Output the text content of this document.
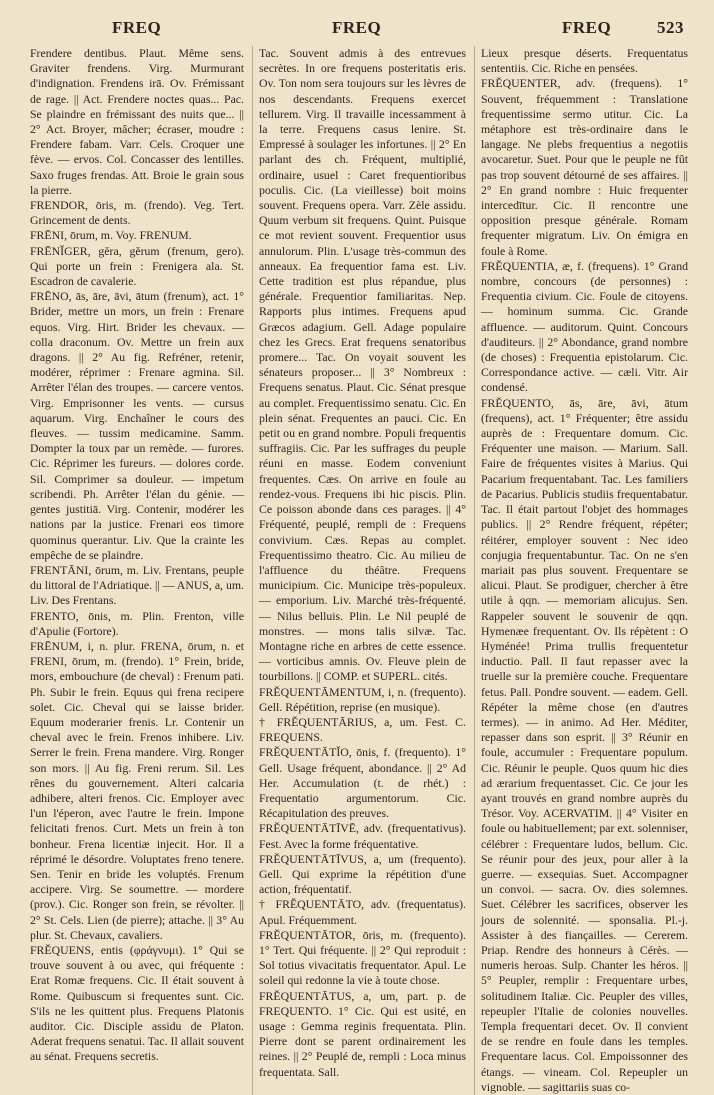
FREQ	FREQ	FREQ	523

Frendere dentibus. Plaut. Même sens. Graviter frendens. Virg. Murmurant d'indignation. Frendens irā. Ov. Frémissant de rage. || Act. Frendere noctes quas... Pac. Se plaindre en frémissant des nuits que... || 2° Act. Broyer, mâcher; écraser, moudre : Frendere fabam. Varr. Cels. Croquer une fève. — ervos. Col. Concasser des lentilles. Saxo fruges frendas. Att. Broie le grain sous la pierre.

FRENDOR, ōris, m. (frendo). Veg. Tert. Grincement de dents.

FRĒNI, ōrum, m. Voy. FRENUM.

FRĒNĬGER, gĕra, gĕrum (frenum, gero). Qui porte un frein : Frenigera ala. St. Escadron de cavalerie.

FRĒNO, ās, āre, āvi, ātum (frenum), act. 1° Brider, mettre un mors, un frein : Frenare equos. Virg. Hirt. Brider les chevaux. — colla draconum. Ov. Mettre un frein aux dragons. || 2° Au fig. Refréner, retenir, modérer, réprimer : Frenare agmina. Sil. Arrêter l'élan des troupes. — carcere ventos. Virg. Emprisonner les vents. — cursus aquarum. Virg. Enchaîner le cours des fleuves. — tussim medicamine. Samm. Dompter la toux par un remède. — furores. Cic. Réprimer les fureurs. — dolores corde. Sil. Comprimer sa douleur. — impetum scribendi. Ph. Arrêter l'élan du génie. — gentes justitiā. Virg. Contenir, modérer les nations par la justice. Frenari eos timore quominus querantur. Liv. Que la crainte les empêche de se plaindre.

FRENTĀNI, ōrum, m. Liv. Frentans, peuple du littoral de l'Adriatique. || — ANUS, a, um. Liv. Des Frentans.

FRENTO, ōnis, m. Plin. Frenton, ville d'Apulie (Fortore).

FRĒNUM, i, n. plur. FRENA, ōrum, n. et FRENI, ōrum, m. (frendo). 1° Frein, bride, mors, embouchure (de cheval) : Frenum pati. Ph. Subir le frein. Equus qui frena recipere solet. Cic. Cheval qui se laisse brider. Equum moderarier frenis. Lr. Contenir un cheval avec le frein. Frenos inhibere. Liv. Serrer le frein. Frena mandere. Virg. Ronger son mors. || Au fig. Freni rerum. Sil. Les rênes du gouvernement. Alteri calcaria adhibere, alteri frenos. Cic. Employer avec l'un l'éperon, avec l'autre le frein. Impone felicitati frenos. Curt. Mets un frein à ton bonheur. Frena licentiæ injecit. Hor. Il a réprimé le désordre. Voluptates freno tenere. Sen. Tenir en bride les voluptés. Frenum accipere. Virg. Se soumettre. — mordere (prov.). Cic. Ronger son frein, se révolter. || 2° St. Cels. Lien (de pierre); attache. || 3° Au plur. St. Chevaux, cavaliers.

FRĔQUENS, entis (φράγνυμι). 1° Qui se trouve souvent à ou avec, qui fréquente : Erat Romæ frequens. Cic. Il était souvent à Rome. Quibuscum si frequentes sunt. Cic. S'ils ne les quittent plus. Frequens Platonis auditor. Cic. Disciple assidu de Platon. Aderat frequens senatui. Tac. Il allait souvent au sénat. Frequens secretis.

Tac. Souvent admis à des entrevues secrètes. In ore frequens posteritatis eris. Ov. Ton nom sera toujours sur les lèvres de nos descendants. Frequens exercet tellurem. Virg. Il travaille incessamment à la terre. Frequens casus lenire. St. Empressé à soulager les infortunes. || 2° En parlant des ch. Fréquent, multiplié, ordinaire, usuel : Caret frequentioribus poculis. Cic. (La vieillesse) boit moins souvent. Frequens opera. Varr. Zèle assidu. Quum verbum sit frequens. Quint. Puisque ce mot revient souvent. Frequentior usus annulorum. Plin. L'usage très-commun des anneaux. Ea frequentior fama est. Liv. Cette tradition est plus répandue, plus générale. Frequentior familiaritas. Nep. Rapports plus intimes. Frequens apud Græcos adagium. Gell. Adage populaire chez les Grecs. Erat frequens senatoribus promere... Tac. On voyait souvent les sénateurs proposer... || 3° Nombreux : Frequens senatus. Plaut. Cic. Sénat presque au complet. Frequentissimo senatu. Cic. En plein sénat. Frequentes an pauci. Cic. En petit ou en grand nombre. Populi frequentis suffragiis. Cic. Par les suffrages du peuple réuni en masse. Eodem conveniunt frequentes. Cæs. On arrive en foule au rendez-vous. Frequens ibi hic piscis. Plin. Ce poisson abonde dans ces parages. || 4° Fréquenté, peuplé, rempli de : Frequens convivium. Cæs. Repas au complet. Frequentissimo theatro. Cic. Au milieu de l'affluence du théâtre. Frequens municipium. Cic. Municipe très-populeux. — emporium. Liv. Marché très-fréquenté. — Nilus belluis. Plin. Le Nil peuplé de monstres. — mons talis silvæ. Tac. Montagne riche en arbres de cette essence. — vorticibus amnis. Ov. Fleuve plein de tourbillons. || COMP. et SUPERL. cités.

FRĔQUENTĀMENTUM, i, n. (frequento). Gell. Répétition, reprise (en musique).

† FRĔQUENTĀRIUS, a, um. Fest. C. FREQUENS.

FRĔQUENTĀTĬO, ōnis, f. (frequento). 1° Gell. Usage fréquent, abondance. || 2° Ad Her. Accumulation (t. de rhét.) : Frequentatio argumentorum. Cic. Récapitulation des preuves.

FRĔQUENTĀTĪVĒ, adv. (frequentativus). Fest. Avec la forme fréquentative.

FRĔQUENTĀTĪVUS, a, um (frequento). Gell. Qui exprime la répétition d'une action, fréquentatif.

† FRĔQUENTĀTO, adv. (frequentatus). Apul. Fréquemment.

FRĔQUENTĀTOR, ōris, m. (frequento). 1° Tert. Qui fréquente. || 2° Qui reproduit : Sol totius vivacitatis frequentator. Apul. Le soleil qui redonne la vie à toute chose.

FRĔQUENTĀTUS, a, um, part. p. de FREQUENTO. 1° Cic. Qui est usité, en usage : Gemma reginis frequentata. Plin. Pierre dont se parent ordinairement les reines. || 2° Peuplé de, rempli : Loca minus frequentata. Sall.

Lieux presque déserts. Frequentatus sententiis. Cic. Riche en pensées.

FRĔQUENTER, adv. (frequens). 1° Souvent, fréquemment : Translatione frequentissime sermo utitur. Cic. La métaphore est très-ordinaire dans le langage. Ne plebs frequentius a negotiis avocaretur. Suet. Pour que le peuple ne fût pas trop souvent détourné de ses affaires. || 2° En grand nombre : Huic frequenter intercedītur. Cic. Il rencontre une opposition presque générale. Romam frequenter migratum. Liv. On émigra en foule à Rome.

FRĔQUENTIA, æ, f. (frequens). 1° Grand nombre, concours (de personnes) : Frequentia civium. Cic. Foule de citoyens. — hominum summa. Cic. Grande affluence. — auditorum. Quint. Concours d'auditeurs. || 2° Abondance, grand nombre (de choses) : Frequentia epistolarum. Cic. Correspondance active. — cæli. Vitr. Air condensé.

FRĔQUENTO, ās, āre, āvi, ātum (frequens), act. 1° Fréquenter; être assidu auprès de : Frequentare domum. Cic. Fréquenter une maison. — Marium. Sall. Faire de fréquentes visites à Marius. Qui Pacarium frequentabant. Tac. Les familiers de Pacarius. Publicis studiis frequentabatur. Tac. Il était partout l'objet des hommages publics. || 2° Rendre fréquent, répéter; réitérer, employer souvent : Nec ideo conjugia frequentabuntur. Tac. On ne s'en mariait pas plus souvent. Frequentare se alicui. Plaut. Se prodiguer, chercher à être utile à qqn. — memoriam alicujus. Sen. Rappeler souvent le souvenir de qqn. Hymenæe frequentant. Ov. Ils répètent : O Hyménée! Prima trullis frequentetur inductio. Pall. Il faut repasser avec la truelle sur la première couche. Frequentare fetus. Pall. Pondre souvent. — eadem. Gell. Répéter la même chose (en d'autres termes). — in animo. Ad Her. Méditer, repasser dans son esprit. || 3° Réunir en foule, accumuler : Frequentare populum. Cic. Réunir le peuple. Quos quum hic dies ad ærarium frequentasset. Cic. Ce jour les ayant trouvés en grand nombre auprès du Trésor. Voy. ACERVATIM. || 4° Visiter en foule ou habituellement; par ext. solenniser, célébrer : Frequentare ludos, bellum. Cic. Se réunir pour des jeux, pour aller à la guerre. — exsequias. Suet. Accompagner un convoi. — sacra. Ov. dies solemnes. Suet. Célébrer les sacrifices, observer les jours de solennité. — sponsalia. Pl.-j. Assister à des fiançailles. — Cererem. Priap. Rendre des honneurs à Cérès. — numeris heroas. Sulp. Chanter les héros. || 5° Peupler, remplir : Frequentare urbes, solitudinem Italiæ. Cic. Peupler des villes, repeupler l'Italie de colonies nouvelles. Templa frequentari decet. Ov. Il convient de se rendre en foule dans les temples. Frequentare lacus. Col. Empoissonner des étangs. — vineam. Col. Repeupler un vignoble. — sagittariis suas co-
